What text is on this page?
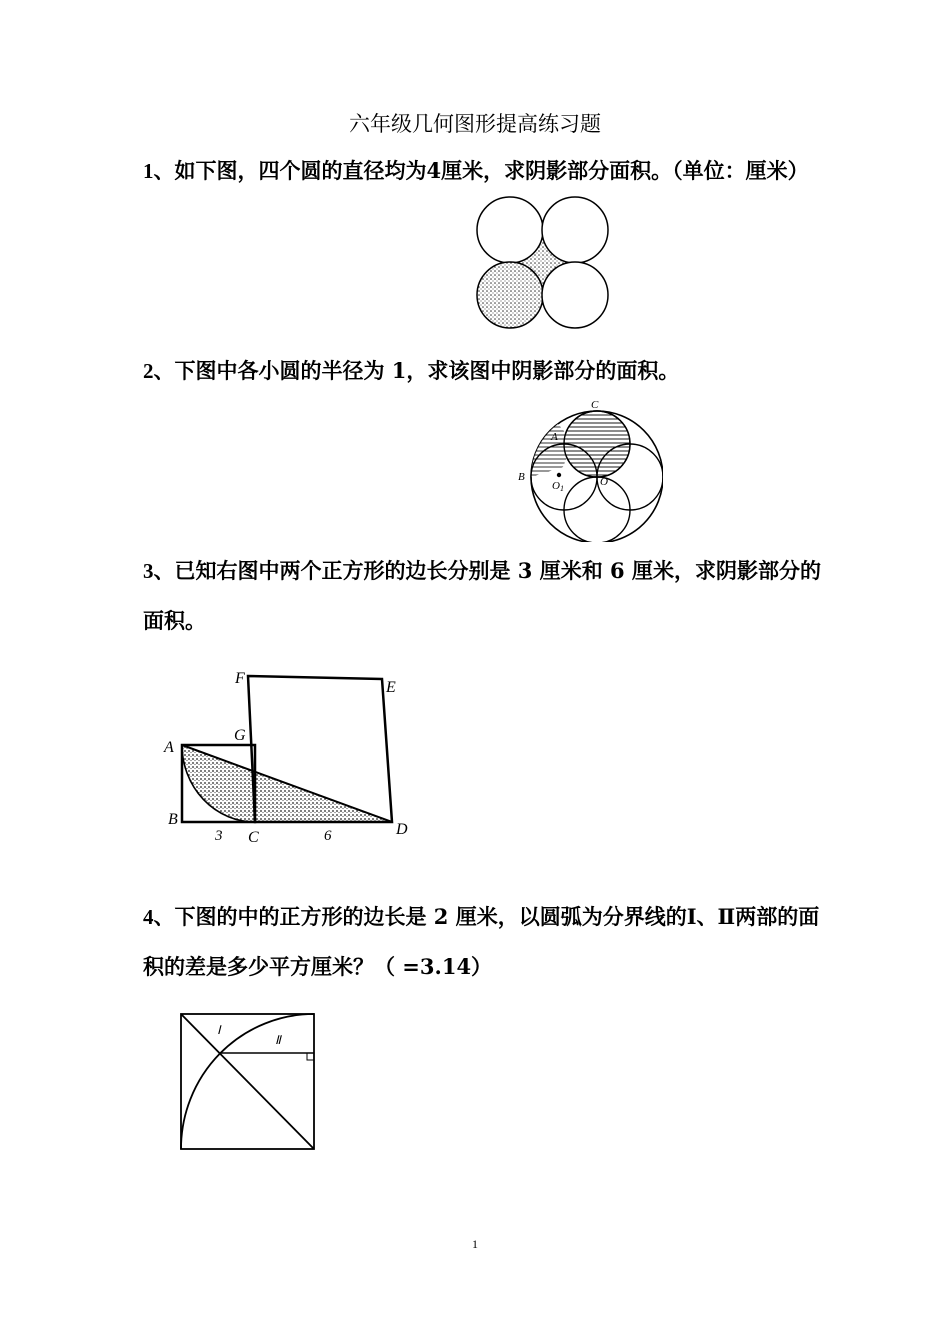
六年级几何图形提高练习题
1、如下图，四个圆的直径均为4厘米，求阴影部分面积。（单位：厘米）
2、下图中各小圆的半径为 1，求该图中阴影部分的面积。
C
A
B
O1
O
3、已知右图中两个正方形的边长分别是 3 厘米和 6 厘米，求阴影部分的面积。
F
E
A
G
B
C	D
3	6
4、下图的中的正方形的边长是 2 厘米，以圆弧为分界线的Ⅰ、Ⅱ两部的面积的差是多少平方厘米？（ =3.14）
Ⅰ
Ⅱ
1
